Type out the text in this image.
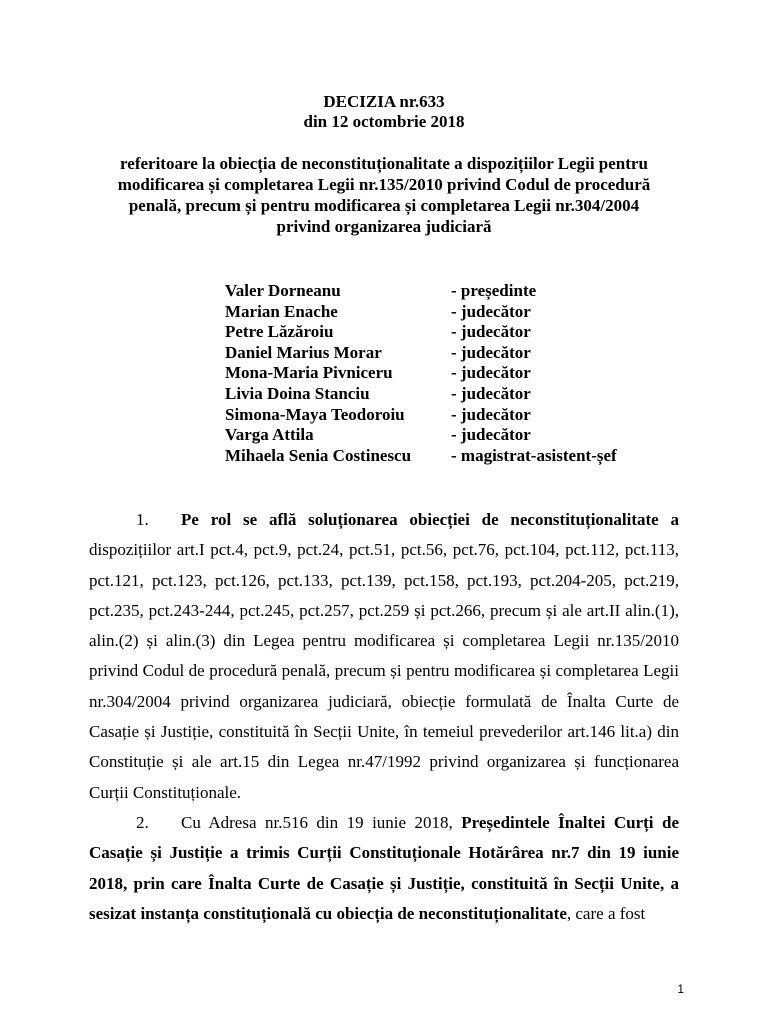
DECIZIA nr.633
din 12 octombrie 2018
referitoare la obiecția de neconstituționalitate a dispozițiilor Legii pentru
modificarea și completarea Legii nr.135/2010 privind Codul de procedură
penală, precum și pentru modificarea și completarea Legii nr.304/2004
privind organizarea judiciară
Valer Dorneanu	- președinte
Marian Enache	- judecător
Petre Lăzăroiu	- judecător
Daniel Marius Morar	- judecător
Mona-Maria Pivniceru	- judecător
Livia Doina Stanciu	- judecător
Simona-Maya Teodoroiu	- judecător
Varga Attila	- judecător
Mihaela Senia Costinescu - magistrat-asistent-șef

1. Pe rol se află soluționarea obiecției de neconstituționalitate a dispozițiilor art.I pct.4, pct.9, pct.24, pct.51, pct.56, pct.76, pct.104, pct.112, pct.113, pct.121, pct.123, pct.126, pct.133, pct.139, pct.158, pct.193, pct.204-205, pct.219, pct.235, pct.243-244, pct.245, pct.257, pct.259 și pct.266, precum și ale art.II alin.(1), alin.(2) și alin.(3) din Legea pentru modificarea și completarea Legii nr.135/2010 privind Codul de procedură penală, precum și pentru modificarea și completarea Legii nr.304/2004 privind organizarea judiciară, obiecție formulată de Înalta Curte de Casație și Justiție, constituită în Secții Unite, în temeiul prevederilor art.146 lit.a) din Constituție și ale art.15 din Legea nr.47/1992 privind organizarea și funcționarea Curții Constituționale.

2. Cu Adresa nr.516 din 19 iunie 2018, Președintele Înaltei Curți de Casație și Justiție a trimis Curții Constituționale Hotărârea nr.7 din 19 iunie 2018, prin care Înalta Curte de Casație și Justiție, constituită în Secții Unite, a sesizat instanța constituțională cu obiecția de neconstituționalitate, care a fost

1
